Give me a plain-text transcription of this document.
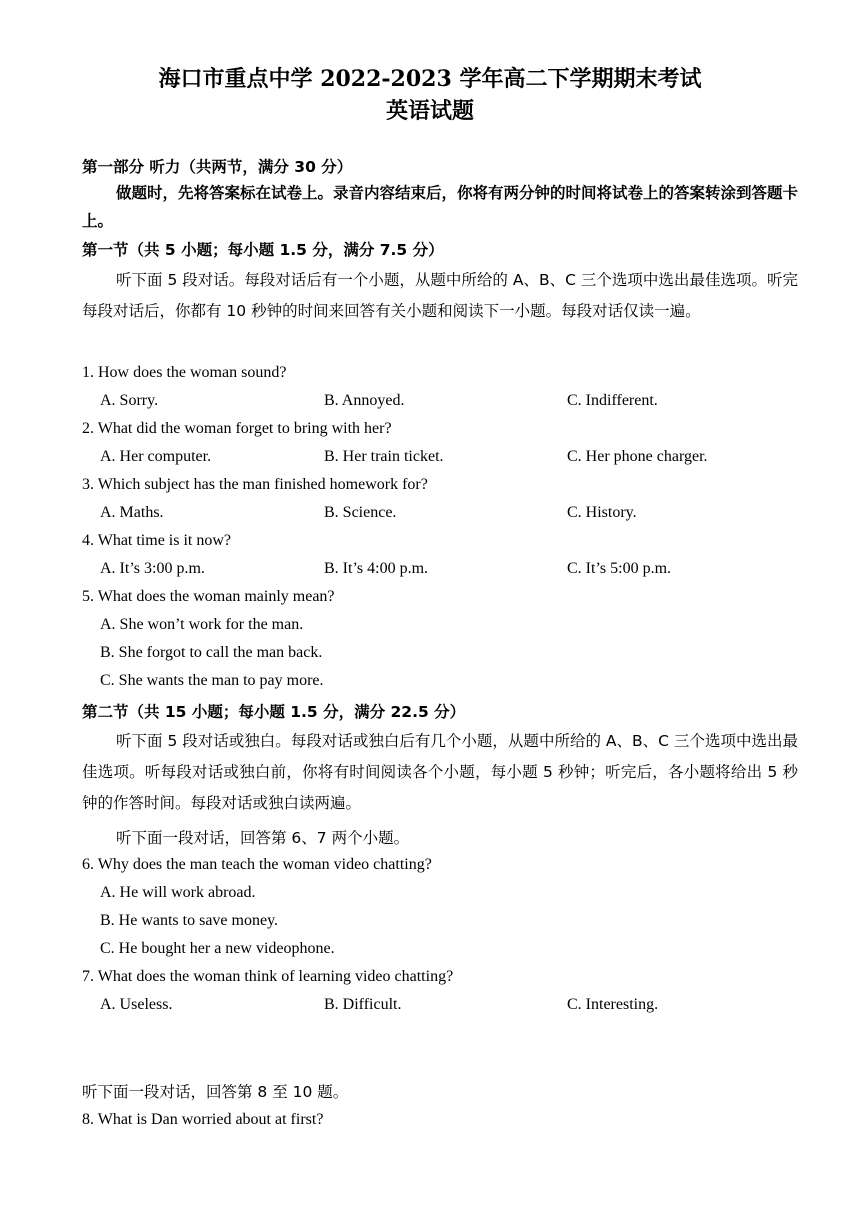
海口市重点中学 2022-2023 学年高二下学期期末考试
英语试题
第一部分 听力（共两节，满分 30 分）
做题时，先将答案标在试卷上。录音内容结束后，你将有两分钟的时间将试卷上的答案转涂到答题卡上。
第一节（共 5 小题；每小题 1.5 分，满分 7.5 分）
听下面 5 段对话。每段对话后有一个小题，从题中所给的 A、B、C 三个选项中选出最佳选项。听完每段对话后，你都有 10 秒钟的时间来回答有关小题和阅读下一小题。每段对话仅读一遍。
1. How does the woman sound?
A. Sorry.	B. Annoyed.	C. Indifferent.
2. What did the woman forget to bring with her?
A. Her computer.	B. Her train ticket.	C. Her phone charger.
3. Which subject has the man finished homework for?
A. Maths.	B. Science.	C. History.
4. What time is it now?
A. It’s 3:00 p.m.	B. It’s 4:00 p.m.	C. It’s 5:00 p.m.
5. What does the woman mainly mean?
A. She won’t work for the man.
B. She forgot to call the man back.
C. She wants the man to pay more.
第二节（共 15 小题；每小题 1.5 分，满分 22.5 分）
听下面 5 段对话或独白。每段对话或独白后有几个小题，从题中所给的 A、B、C 三个选项中选出最佳选项。听每段对话或独白前，你将有时间阅读各个小题，每小题 5 秒钟；听完后，各小题将给出 5 秒钟的作答时间。每段对话或独白读两遍。
听下面一段对话，回答第 6、7 两个小题。
6. Why does the man teach the woman video chatting?
A. He will work abroad.
B. He wants to save money.
C. He bought her a new videophone.
7. What does the woman think of learning video chatting?
A. Useless.	B. Difficult.	C. Interesting.
听下面一段对话，回答第 8 至 10 题。
8. What is Dan worried about at first?
